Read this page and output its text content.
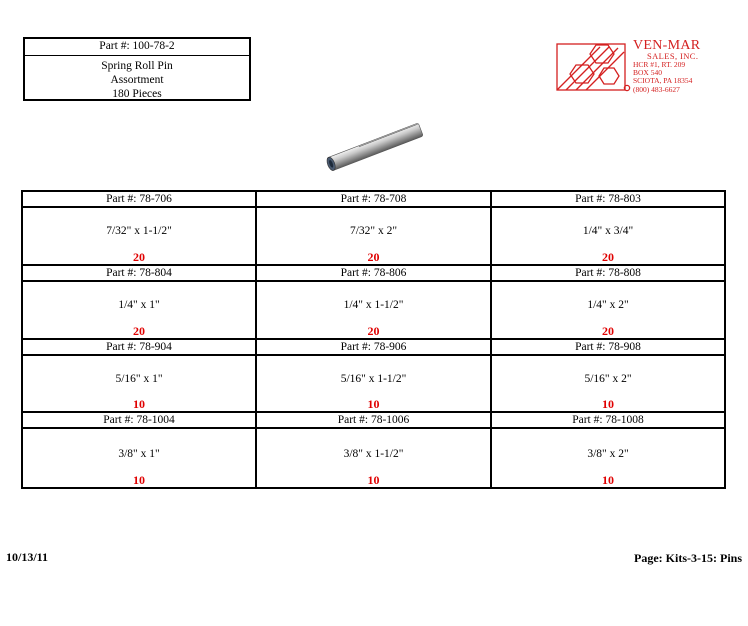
Part #: 100-78-2
Spring Roll Pin
Assortment
180 Pieces
VEN-MAR
SALES, INC.
HCR #1, RT. 209
BOX 540
SCIOTA, PA 18354
(800) 483-6627
Part #: 78-706
7/32" x 1-1/2"
20
Part #: 78-708
7/32" x 2"
20
Part #: 78-803
1/4" x 3/4"
20
Part #: 78-804
1/4" x 1"
20
Part #: 78-806
1/4" x 1-1/2"
20
Part #: 78-808
1/4" x 2"
20
Part #: 78-904
5/16" x 1"
10
Part #: 78-906
5/16" x 1-1/2"
10
Part #: 78-908
5/16" x 2"
10
Part #: 78-1004
3/8" x 1"
10
Part #: 78-1006
3/8" x 1-1/2"
10
Part #: 78-1008
3/8" x 2"
10
10/13/11	Page: Kits-3-15: Pins
